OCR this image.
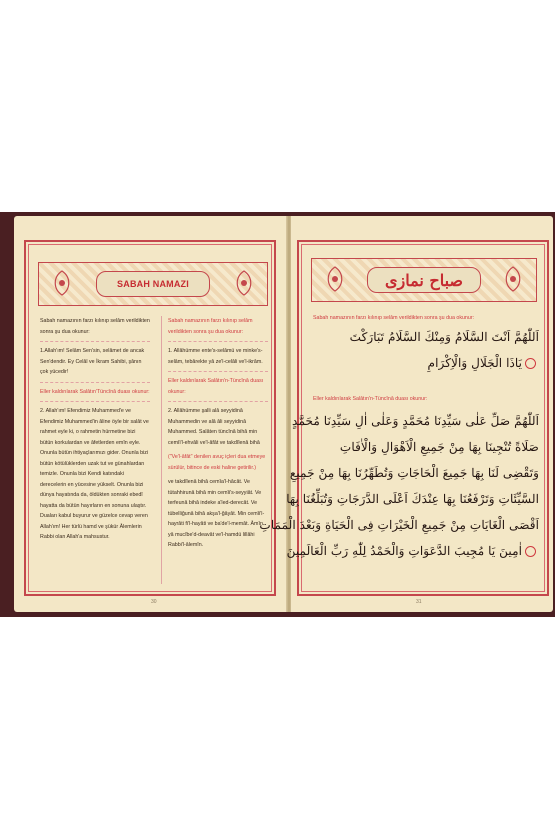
SABAH NAMAZI

Sabah namazının farzı kılınıp selâm verildikten sonra şu dua okunur:

1.Allah'ım! Selâm Sen'sin, selâmet de ancak Sen'dendir. Ey Celâl ve İkram Sahibi, şânın çok yücedir!

Eller kaldırılarak Salâtın'Tüncînâ duası okunur:

2. Allah'ım! Efendimiz Muhammed'e ve Efendimiz Muhammed'in âline öyle bir salât ve rahmet eyle ki, o rahmetin hürmetine bizi bütün korkulardan ve âfetlerden emîn eyle. Onunla bütün ihtiyaçlarımızı gider. Onunla bizi bütün kötülüklerden uzak tut ve günahlardan temizle. Onunla bizi Kendi katındaki derecelerin en yücesine yükselt. Onunla bizi dünya hayatında da, öldükten sonraki ebedî hayatta da bütün hayırların en sonuna ulaştır. Duaları kabul buyurur ve güzelce cevap veren Allah'ım! Her türlü hamd ve şükür Âlemlerin Rabbi olan Allah'a mahsustur.

Sabah namazının farzı kılınıp selâm verildikten sonra şu dua okunur:

1. Allâhümme ente's-selâmü ve minke's-selâm, tebârekte yâ ze'l-celâli ve'l-ikrâm.

Eller kaldırılarak Salâtın'n-Tüncînâ duası okunur:

2. Allâhümme şalli alâ seyyidinâ Muhammedin ve alâ âli seyyidinâ Muhammed. Salâten tüncînâ bihâ min cemîi'l-ehvâli ve'l-âfât ve takdîlenâ bihâ

("Ve'l-âfât" denilen avuç içleri dua etmeye sürülür, bitince de eski haline getirilir.)

ve takdîlenâ bihâ cemîa'l-hâcât. Ve tütahhirunâ bihâ min cemîi's-seyyiât. Ve terfeunâ bihâ indeke a'led-derecât. Ve tübelliğunâ bihâ akşa'l-ğâyât. Min cemîi'l-hayrâti fi'l-hayâti ve ba'de'l-memât. Âmîn yâ mucîbe'd-deavât ve'l-hamdü lillâhi Rabbi'l-âlemîn.

30
صباح نمازى
Sabah namazının farzı kılınıp selâm verildikten sonra şu dua okunur:
اَللّٰهُمَّ اَنْتَ السَّلَامُ وَمِنْكَ السَّلَامُ تَبَارَكْتَ
يَاذَا الْجَلَالِ وَالْاِكْرَامِ
Eller kaldırılarak Salâtın'n-Tüncînâ duası okunur:
اَللّٰهُمَّ صَلِّ عَلٰى سَيِّدِنَا مُحَمَّدٍ وَعَلٰى اٰلِ سَيِّدِنَا مُحَمَّدٍ
صَلَاةً تُنْجِينَا بِهَا مِنْ جَمِيعِ الْاَهْوَالِ وَالْاٰفَاتِ
وَتَقْضِى لَنَا بِهَا جَمِيعَ الْحَاجَاتِ وَتُطَهِّرُنَا بِهَا مِنْ جَمِيعِ
السَّيِّئَاتِ وَتَرْفَعُنَا بِهَا عِنْدَكَ اَعْلَى الدَّرَجَاتِ وَتُبَلِّغُنَا بِهَا
اَقْصَى الْغَايَاتِ مِنْ جَمِيعِ الْخَيْرَاتِ فِى الْحَيَاةِ وَبَعْدَ الْمَمَاتِ
اٰمِينَ يَا مُجِيبَ الدَّعَوَاتِ وَالْحَمْدُ لِلّٰهِ رَبِّ الْعَالَمِينَ
31
